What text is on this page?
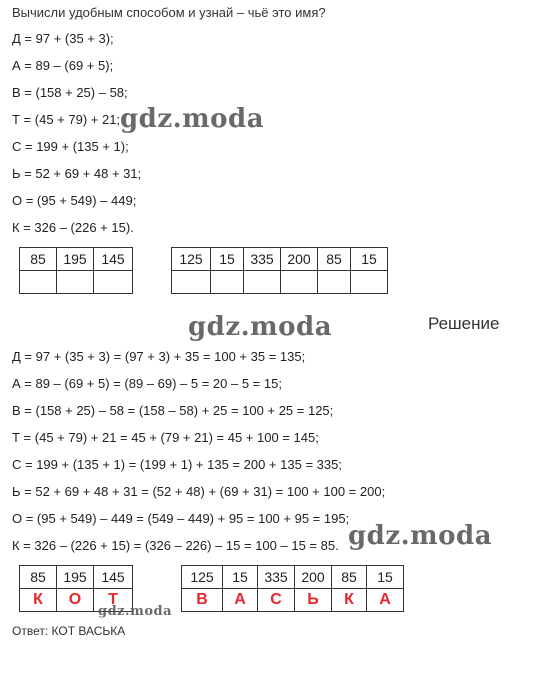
Вычисли удобным способом и узнай – чьё это имя?
Д = 97 + (35 + 3);
А = 89 – (69 + 5);
В = (158 + 25) – 58;
Т = (45 + 79) + 21;
С = 199 + (135 + 1);
Ь = 52 + 69 + 48 + 31;
О = (95 + 549) – 449;
К = 326 – (226 + 15).
85	195	145
			125	15	335	200	85	15

Решение
Д = 97 + (35 + 3) = (97 + 3) + 35 = 100 + 35 = 135;
А = 89 – (69 + 5) = (89 – 69) – 5 = 20 – 5 = 15;
В = (158 + 25) – 58 = (158 – 58) + 25 = 100 + 25 = 125;
Т = (45 + 79) + 21 = 45 + (79 + 21) = 45 + 100 = 145;
С = 199 + (135 + 1) = (199 + 1) + 135 = 200 + 135 = 335;
Ь = 52 + 69 + 48 + 31 = (52 + 48) + (69 + 31) = 100 + 100 = 200;
О = (95 + 549) – 449 = (549 – 449) + 95 = 100 + 95 = 195;
К = 326 – (226 + 15) = (326 – 226) – 15 = 100 – 15 = 85.
85	195	145
К	О	Т
125	15	335	200	85	15
В	А	С	Ь	К	А
Ответ: КОТ ВАСЬКА
gdz.moda
gdz.moda
gdz.moda
gdz.moda
